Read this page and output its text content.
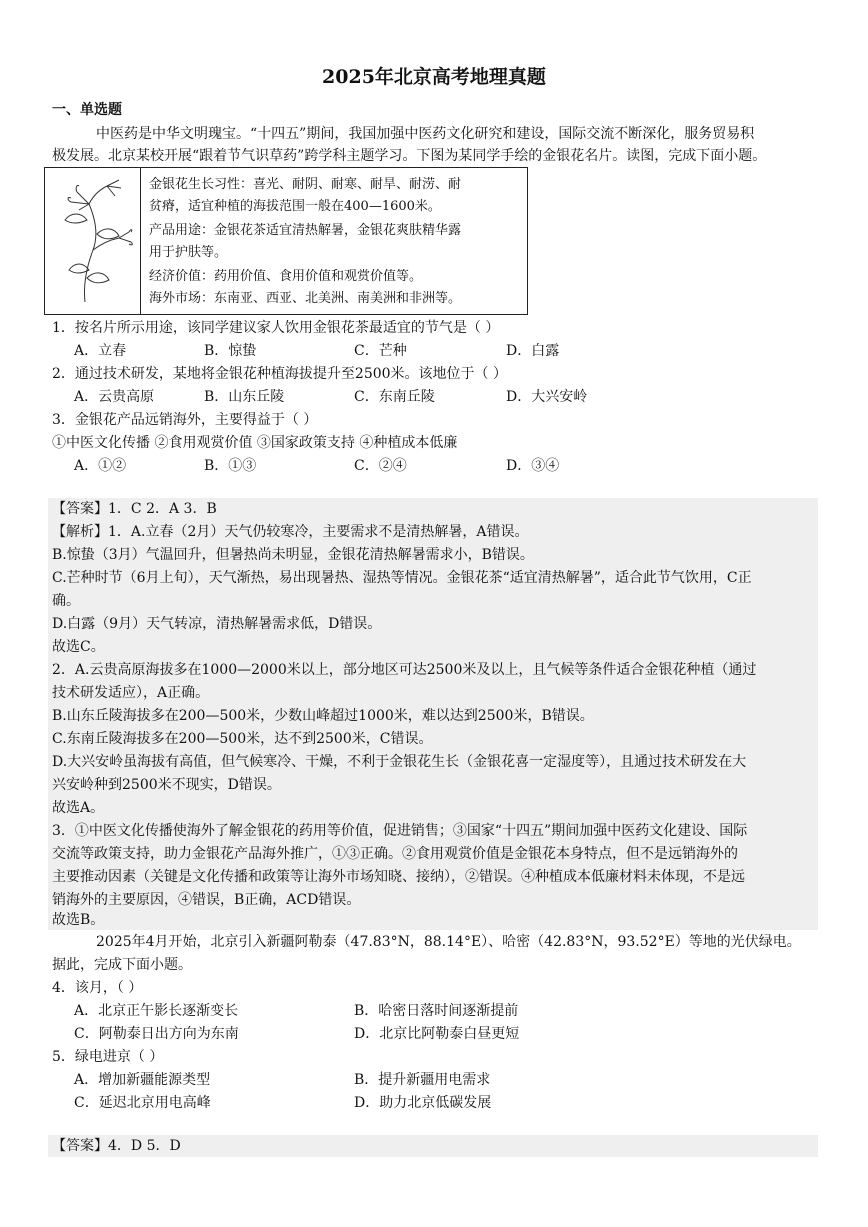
2025年北京高考地理真题
一、单选题
中医药是中华文明瑰宝。“十四五”期间，我国加强中医药文化研究和建设，国际交流不断深化，服务贸易积
极发展。北京某校开展“跟着节气识草药”跨学科主题学习。下图为某同学手绘的金银花名片。读图，完成下面小题。
金银花生长习性：喜光、耐阴、耐寒、耐旱、耐涝、耐
贫瘠，适宜种植的海拔范围一般在400—1600米。
产品用途：金银花茶适宜清热解暑，金银花爽肤精华露
用于护肤等。
经济价值：药用价值、食用价值和观赏价值等。
海外市场：东南亚、西亚、北美洲、南美洲和非洲等。
1．按名片所示用途，该同学建议家人饮用金银花茶最适宜的节气是（ ）
A．立春	B．惊蛰	C．芒种	D．白露
2．通过技术研发，某地将金银花种植海拔提升至2500米。该地位于（ ）
A．云贵高原	B．山东丘陵	C．东南丘陵	D．大兴安岭
3．金银花产品远销海外，主要得益于（ ）
①中医文化传播 ②食用观赏价值 ③国家政策支持 ④种植成本低廉
A．①②	B．①③	C．②④	D．③④
【答案】1．C 2．A 3．B
【解析】1．A.立春（2月）天气仍较寒冷，主要需求不是清热解暑，A错误。
B.惊蛰（3月）气温回升，但暑热尚未明显，金银花清热解暑需求小，B错误。
C.芒种时节（6月上旬），天气渐热，易出现暑热、湿热等情况。金银花茶“适宜清热解暑”，适合此节气饮用，C正
确。
D.白露（9月）天气转凉，清热解暑需求低，D错误。
故选C。
2．A.云贵高原海拔多在1000—2000米以上，部分地区可达2500米及以上，且气候等条件适合金银花种植（通过
技术研发适应），A正确。
B.山东丘陵海拔多在200—500米，少数山峰超过1000米，难以达到2500米，B错误。
C.东南丘陵海拔多在200—500米，达不到2500米，C错误。
D.大兴安岭虽海拔有高值，但气候寒冷、干燥，不利于金银花生长（金银花喜一定湿度等），且通过技术研发在大
兴安岭种到2500米不现实，D错误。
故选A。
3．①中医文化传播使海外了解金银花的药用等价值，促进销售；③国家“十四五”期间加强中医药文化建设、国际
交流等政策支持，助力金银花产品海外推广，①③正确。②食用观赏价值是金银花本身特点，但不是远销海外的
主要推动因素（关键是文化传播和政策等让海外市场知晓、接纳），②错误。④种植成本低廉材料未体现，不是远
销海外的主要原因，④错误，B正确，ACD错误。
故选B。
2025年4月开始，北京引入新疆阿勒泰（47.83°N，88.14°E）、哈密（42.83°N，93.52°E）等地的光伏绿电。
据此，完成下面小题。
4．该月，（ ）
A．北京正午影长逐渐变长	B．哈密日落时间逐渐提前
C．阿勒泰日出方向为东南	D．北京比阿勒泰白昼更短
5．绿电进京（ ）
A．增加新疆能源类型	B．提升新疆用电需求
C．延迟北京用电高峰	D．助力北京低碳发展
【答案】4．D 5．D
